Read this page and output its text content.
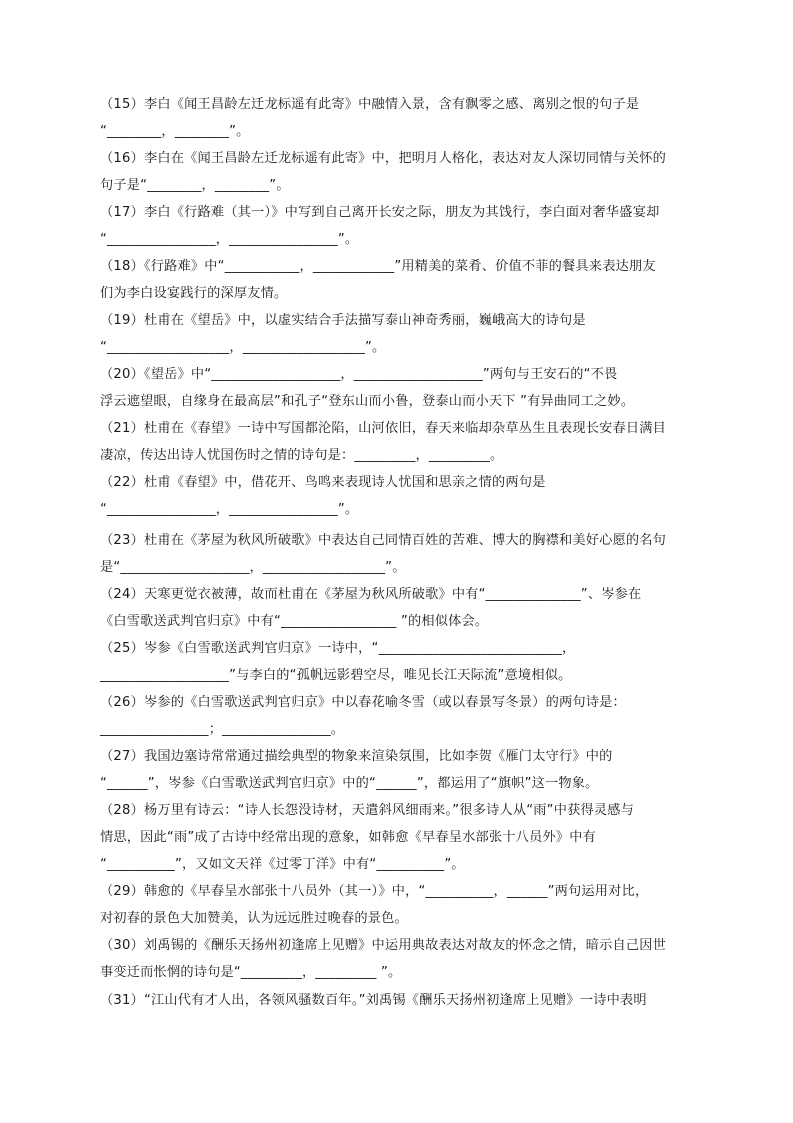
（15）李白《闻王昌龄左迁龙标遥有此寄》中融情入景，含有飘零之感、离别之恨的句子是
“________，________”。
（16）李白在《闻王昌龄左迁龙标遥有此寄》中，把明月人格化，表达对友人深切同情与关怀的
句子是“________，________”。
（17）李白《行路难（其一）》中写到自己离开长安之际，朋友为其饯行，李白面对奢华盛宴却
“________________，________________”。
（18）《行路难》中“___________，____________”用精美的菜肴、价值不菲的餐具来表达朋友
们为李白设宴践行的深厚友情。
（19）杜甫在《望岳》中，以虚实结合手法描写泰山神奇秀丽，巍峨高大的诗句是
“__________________，__________________”。
（20）《望岳》中“___________________，___________________”两句与王安石的“不畏
浮云遮望眼，自缘身在最高层”和孔子“登东山而小鲁，登泰山而小天下 ”有异曲同工之妙。
（21）杜甫在《春望》一诗中写国都沦陷，山河依旧，春天来临却杂草丛生且表现长安春日满目
凄凉，传达出诗人忧国伤时之情的诗句是：_________，_________。
（22）杜甫《春望》中，借花开、鸟鸣来表现诗人忧国和思亲之情的两句是
“________________，________________”。
（23）杜甫在《茅屋为秋风所破歌》中表达自己同情百姓的苦难、博大的胸襟和美好心愿的名句
是“___________________，__________________”。
（24）天寒更觉衣被薄，故而杜甫在《茅屋为秋风所破歌》中有“______________”、岑参在
《白雪歌送武判官归京》中有“_________________ ”的相似体会。
（25）岑参《白雪歌送武判官归京》一诗中，“___________________________，
___________________”与李白的“孤帆远影碧空尽，唯见长江天际流”意境相似。
（26）岑参的《白雪歌送武判官归京》中以春花喻冬雪（或以春景写冬景）的两句诗是：
________________；________________。
（27）我国边塞诗常常通过描绘典型的物象来渲染氛围，比如李贺《雁门太守行》中的
“______”，岑参《白雪歌送武判官归京》中的“______”，都运用了“旗帜”这一物象。
（28）杨万里有诗云：“诗人长怨没诗材，天遣斜风细雨来。”很多诗人从“雨”中获得灵感与
情思，因此“雨”成了古诗中经常出现的意象，如韩愈《早春呈水部张十八员外》中有
“__________”，又如文天祥《过零丁洋》中有“__________”。
（29）韩愈的《早春呈水部张十八员外（其一）》中，“__________，______”两句运用对比，
对初春的景色大加赞美，认为远远胜过晚春的景色。
（30）刘禹锡的《酬乐天扬州初逢席上见赠》中运用典故表达对故友的怀念之情，暗示自己因世
事变迁而怅惘的诗句是“_________，_________ ”。
（31）“江山代有才人出，各领风骚数百年。”刘禹锡《酬乐天扬州初逢席上见赠》一诗中表明
